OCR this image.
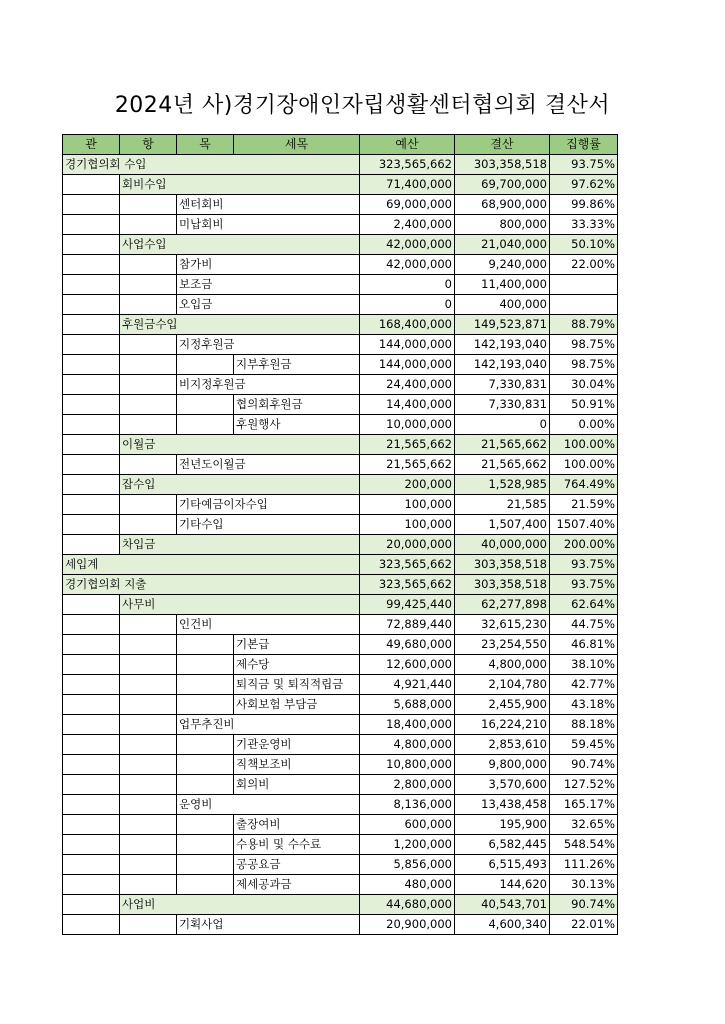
2024년 사)경기장애인자립생활센터협의회 결산서
관	항	목	세목	예산	결산	집행률
경기협의회 수입				323,565,662	303,358,518	93.75%
	회비수입			71,400,000	69,700,000	97.62%
		센터회비		69,000,000	68,900,000	99.86%
		미납회비		2,400,000	800,000	33.33%
	사업수입			42,000,000	21,040,000	50.10%
		참가비		42,000,000	9,240,000	22.00%
		보조금		0	11,400,000	
		오입금		0	400,000	
	후원금수입			168,400,000	149,523,871	88.79%
		지정후원금		144,000,000	142,193,040	98.75%
			지부후원금	144,000,000	142,193,040	98.75%
		비지정후원금		24,400,000	7,330,831	30.04%
			협의회후원금	14,400,000	7,330,831	50.91%
			후원행사	10,000,000	0	0.00%
	이월금			21,565,662	21,565,662	100.00%
		전년도이월금		21,565,662	21,565,662	100.00%
	잡수입			200,000	1,528,985	764.49%
		기타예금이자수입		100,000	21,585	21.59%
		기타수입		100,000	1,507,400	1507.40%
	차입금			20,000,000	40,000,000	200.00%
세입계				323,565,662	303,358,518	93.75%
경기협의회 지출				323,565,662	303,358,518	93.75%
	사무비			99,425,440	62,277,898	62.64%
		인건비		72,889,440	32,615,230	44.75%
			기본급	49,680,000	23,254,550	46.81%
			제수당	12,600,000	4,800,000	38.10%
			퇴직금 및 퇴직적립금	4,921,440	2,104,780	42.77%
			사회보험 부담금	5,688,000	2,455,900	43.18%
		업무추진비		18,400,000	16,224,210	88.18%
			기관운영비	4,800,000	2,853,610	59.45%
			직책보조비	10,800,000	9,800,000	90.74%
			회의비	2,800,000	3,570,600	127.52%
		운영비		8,136,000	13,438,458	165.17%
			출장여비	600,000	195,900	32.65%
			수용비 및 수수료	1,200,000	6,582,445	548.54%
			공공요금	5,856,000	6,515,493	111.26%
			제세공과금	480,000	144,620	30.13%
	사업비			44,680,000	40,543,701	90.74%
		기획사업		20,900,000	4,600,340	22.01%
